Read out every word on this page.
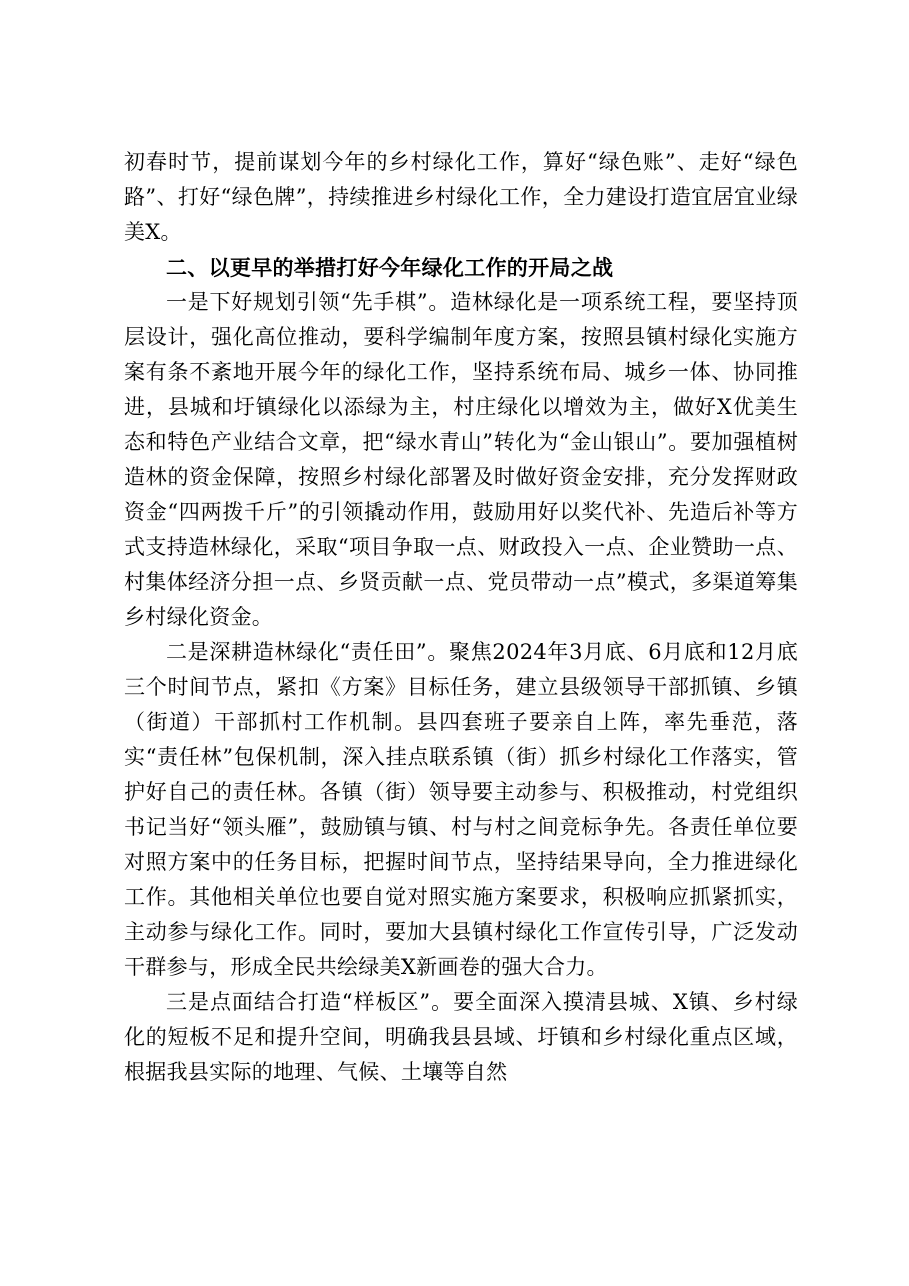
初春时节，提前谋划今年的乡村绿化工作，算好“绿色账”、走好“绿色路”、打好“绿色牌”，持续推进乡村绿化工作，全力建设打造宜居宜业绿美X。

二、以更早的举措打好今年绿化工作的开局之战

一是下好规划引领“先手棋”。造林绿化是一项系统工程，要坚持顶层设计，强化高位推动，要科学编制年度方案，按照县镇村绿化实施方案有条不紊地开展今年的绿化工作，坚持系统布局、城乡一体、协同推进，县城和圩镇绿化以添绿为主，村庄绿化以增效为主，做好X优美生态和特色产业结合文章，把“绿水青山”转化为“金山银山”。要加强植树造林的资金保障，按照乡村绿化部署及时做好资金安排，充分发挥财政资金“四两拨千斤”的引领撬动作用，鼓励用好以奖代补、先造后补等方式支持造林绿化，采取“项目争取一点、财政投入一点、企业赞助一点、村集体经济分担一点、乡贤贡献一点、党员带动一点”模式，多渠道筹集乡村绿化资金。

二是深耕造林绿化“责任田”。聚焦2024年3月底、6月底和12月底三个时间节点，紧扣《方案》目标任务，建立县级领导干部抓镇、乡镇（街道）干部抓村工作机制。县四套班子要亲自上阵，率先垂范，落实“责任林”包保机制，深入挂点联系镇（街）抓乡村绿化工作落实，管护好自己的责任林。各镇（街）领导要主动参与、积极推动，村党组织书记当好“领头雁”，鼓励镇与镇、村与村之间竞标争先。各责任单位要对照方案中的任务目标，把握时间节点，坚持结果导向，全力推进绿化工作。其他相关单位也要自觉对照实施方案要求，积极响应抓紧抓实，主动参与绿化工作。同时，要加大县镇村绿化工作宣传引导，广泛发动干群参与，形成全民共绘绿美X新画卷的强大合力。

三是点面结合打造“样板区”。要全面深入摸清县城、X镇、乡村绿化的短板不足和提升空间，明确我县县域、圩镇和乡村绿化重点区域，根据我县实际的地理、气候、土壤等自然
